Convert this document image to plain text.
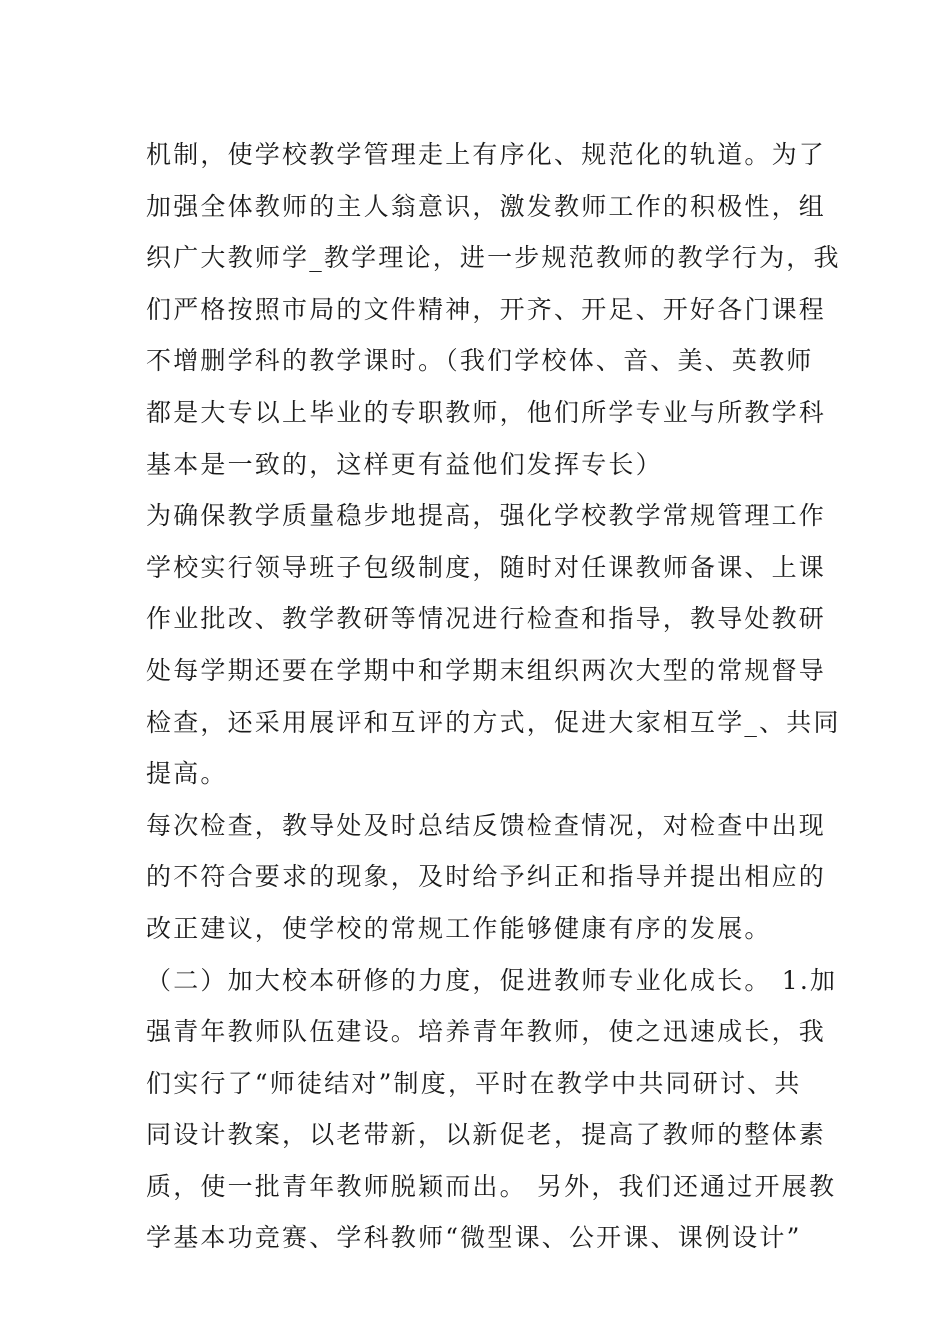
机制，使学校教学管理走上有序化、规范化的轨道。为了
加强全体教师的主人翁意识，激发教师工作的积极性，组
织广大教师学_教学理论，进一步规范教师的教学行为，我
们严格按照市局的文件精神，开齐、开足、开好各门课程
不增删学科的教学课时。（我们学校体、音、美、英教师
都是大专以上毕业的专职教师，他们所学专业与所教学科
基本是一致的，这样更有益他们发挥专长）
为确保教学质量稳步地提高，强化学校教学常规管理工作
学校实行领导班子包级制度，随时对任课教师备课、上课
作业批改、教学教研等情况进行检查和指导，教导处教研
处每学期还要在学期中和学期末组织两次大型的常规督导
检查，还采用展评和互评的方式，促进大家相互学_、共同
提高。
每次检查，教导处及时总结反馈检查情况，对检查中出现
的不符合要求的现象，及时给予纠正和指导并提出相应的
改正建议，使学校的常规工作能够健康有序的发展。
（二）加大校本研修的力度，促进教师专业化成长。 1.加
强青年教师队伍建设。培养青年教师，使之迅速成长，我
们实行了“师徒结对”制度，平时在教学中共同研讨、共
同设计教案，以老带新，以新促老，提高了教师的整体素
质，使一批青年教师脱颖而出。 另外，我们还通过开展教
学基本功竞赛、学科教师“微型课、公开课、课例设计”
